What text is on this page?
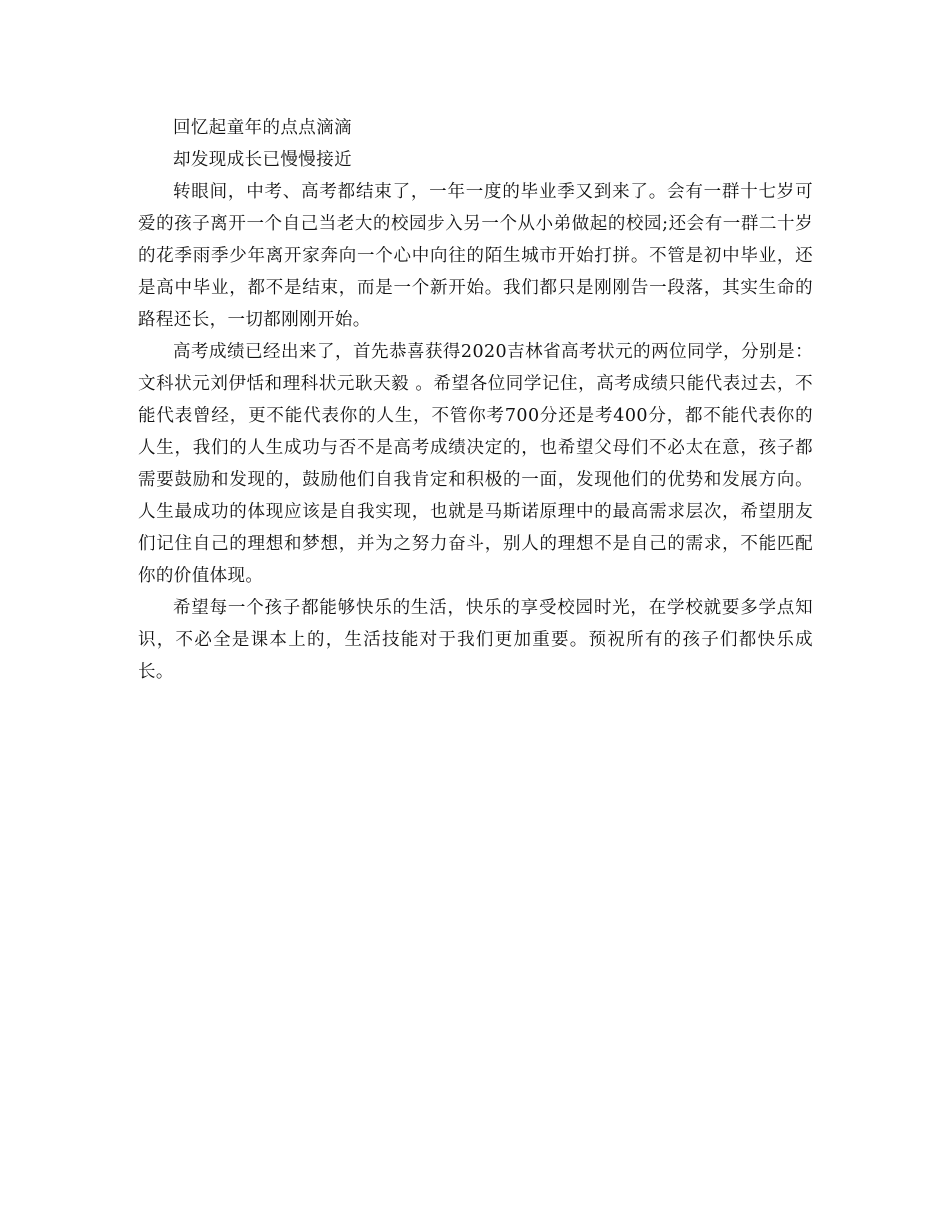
回忆起童年的点点滴滴

却发现成长已慢慢接近

转眼间，中考、高考都结束了，一年一度的毕业季又到来了。会有一群十七岁可爱的孩子离开一个自己当老大的校园步入另一个从小弟做起的校园;还会有一群二十岁的花季雨季少年离开家奔向一个心中向往的陌生城市开始打拼。不管是初中毕业，还是高中毕业，都不是结束，而是一个新开始。我们都只是刚刚告一段落，其实生命的路程还长，一切都刚刚开始。

高考成绩已经出来了，首先恭喜获得2020吉林省高考状元的两位同学，分别是：文科状元刘伊恬和理科状元耿天毅 。希望各位同学记住，高考成绩只能代表过去，不能代表曾经，更不能代表你的人生，不管你考700分还是考400分，都不能代表你的人生，我们的人生成功与否不是高考成绩决定的，也希望父母们不必太在意，孩子都需要鼓励和发现的，鼓励他们自我肯定和积极的一面，发现他们的优势和发展方向。人生最成功的体现应该是自我实现，也就是马斯诺原理中的最高需求层次，希望朋友们记住自己的理想和梦想，并为之努力奋斗，别人的理想不是自己的需求，不能匹配你的价值体现。

希望每一个孩子都能够快乐的生活，快乐的享受校园时光，在学校就要多学点知识，不必全是课本上的，生活技能对于我们更加重要。预祝所有的孩子们都快乐成长。
